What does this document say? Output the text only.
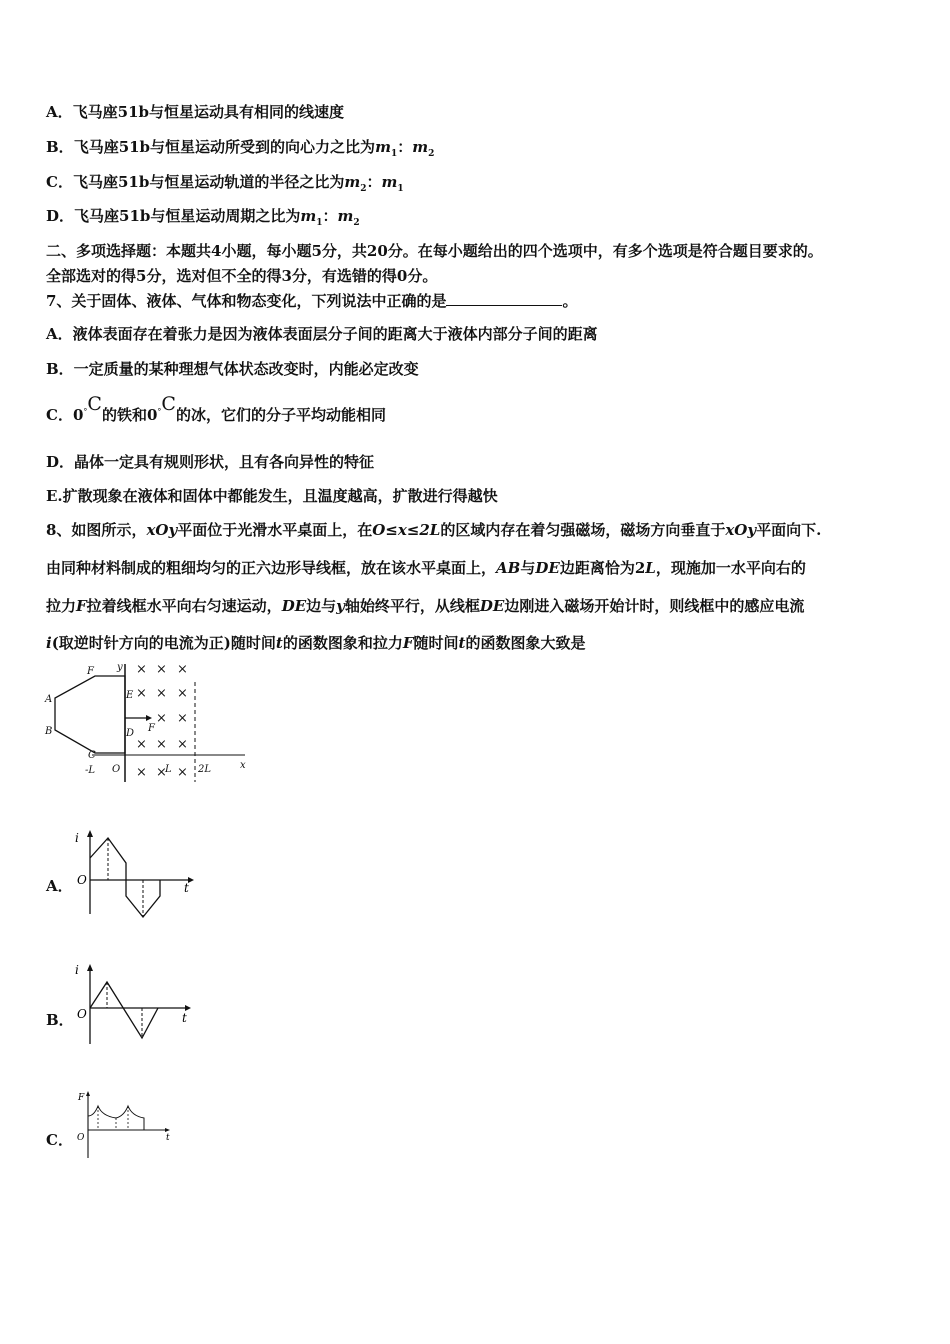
A．飞马座51b与恒星运动具有相同的线速度
B．飞马座51b与恒星运动所受到的向心力之比为$m_1$：$m_2$
C．飞马座51b与恒星运动轨道的半径之比为$m_2$：$m_1$
D．飞马座51b与恒星运动周期之比为$m_1$：$m_2$
二、多项选择题：本题共4小题，每小题5分，共20分。在每小题给出的四个选项中，有多个选项是符合题目要求的。
全部选对的得5分，选对但不全的得3分，有选错的得0分。
7、关于固体、液体、气体和物态变化，下列说法中正确的是	。
A．液体表面存在着张力是因为液体表面层分子间的距离大于液体内部分子间的距离
B．一定质量的某种理想气体状态改变时，内能必定改变
C．0°C的铁和0°C的冰，它们的分子平均动能相同
D．晶体一定具有规则形状，且有各向异性的特征
E.扩散现象在液体和固体中都能发生，且温度越高，扩散进行得越快
8、如图所示，xOy平面位于光滑水平桌面上，在O≤x≤2L的区域内存在着匀强磁场，磁场方向垂直于xOy平面向下.
由同种材料制成的粗细均匀的正六边形导线框，放在该水平桌面上，AB与DE边距离恰为2L，现施加一水平向右的
拉力F拉着线框水平向右匀速运动，DE边与y轴始终平行，从线框DE边刚进入磁场开始计时，则线框中的感应电流
i(取逆时针方向的电流为正)随时间t的函数图象和拉力F随时间t的函数图象大致是
× × ×
× × ×
× ×
× × ×
× × ×
F
E
A
D
B
C
y
x
F
O
-L	L	2L
A．
i
O
t
B．
i
O	t
C．
F
O	t
